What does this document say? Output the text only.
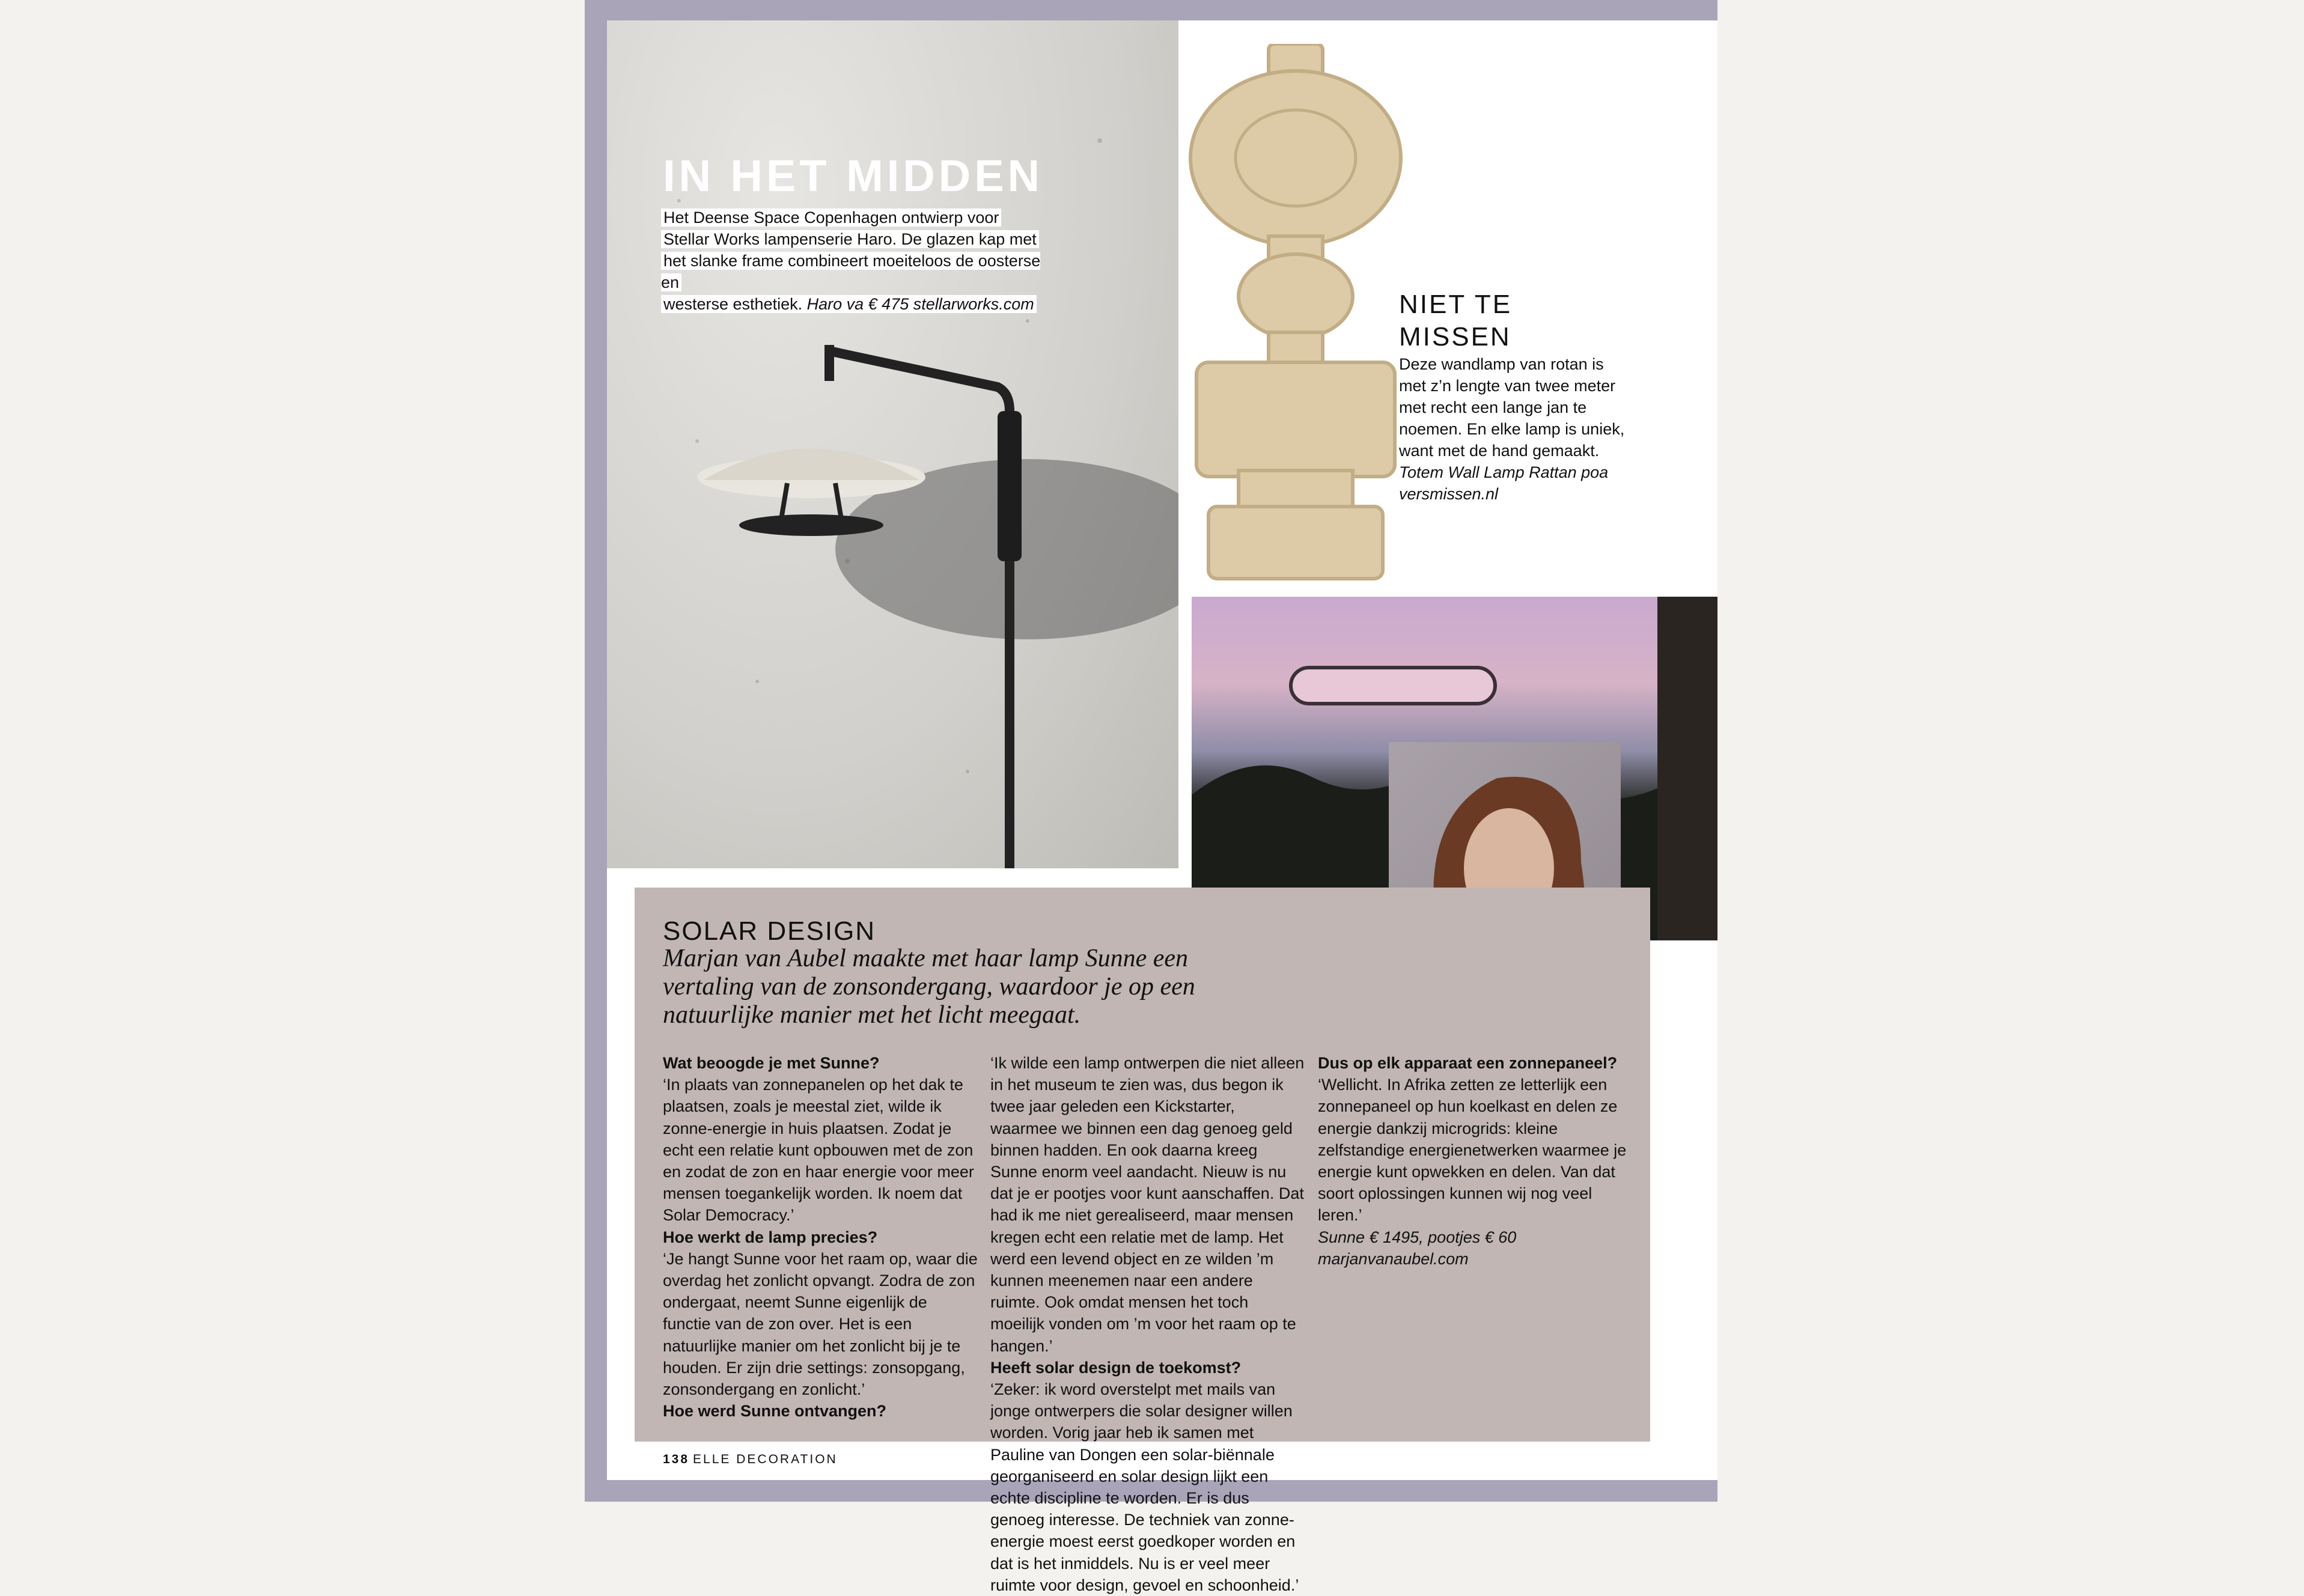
IN HET MIDDEN
Het Deense Space Copenhagen ontwierp voor
Stellar Works lampenserie Haro. De glazen kap met
het slanke frame combineert moeiteloos de oosterse en
westerse esthetiek. Haro va € 475 stellarworks.com	NIET TE MISSEN

Deze wandlamp van rotan is met z’n lengte van twee meter met recht een lange jan te noemen. En elke lamp is uniek, want met de hand gemaakt.

Totem Wall Lamp Rattan poa versmissen.nl

SOLAR DESIGN
Marjan van Aubel maakte met haar lamp Sunne een vertaling van de zonsondergang, waardoor je op een natuurlijke manier met het licht meegaat.
Wat beoogde je met Sunne?
‘In plaats van zonnepanelen op het dak te plaatsen, zoals je meestal ziet, wilde ik zonne-energie in huis plaatsen. Zodat je echt een relatie kunt opbouwen met de zon en zodat de zon en haar energie voor meer mensen toegankelijk worden. Ik noem dat Solar Democracy.’
Hoe werkt de lamp precies?
‘Je hangt Sunne voor het raam op, waar die overdag het zonlicht opvangt. Zodra de zon ondergaat, neemt Sunne eigenlijk de functie van de zon over. Het is een natuurlijke manier om het zonlicht bij je te houden. Er zijn drie settings: zonsopgang, zonsondergang en zonlicht.’
Hoe werd Sunne ontvangen?
‘Ik wilde een lamp ontwerpen die niet alleen in het museum te zien was, dus begon ik twee jaar geleden een Kickstarter, waarmee we binnen een dag genoeg geld binnen hadden. En ook daarna kreeg Sunne enorm veel aandacht. Nieuw is nu dat je er pootjes voor kunt aanschaffen. Dat had ik me niet gerealiseerd, maar mensen kregen echt een relatie met de lamp. Het werd een levend object en ze wilden ’m kunnen meenemen naar een andere ruimte. Ook omdat mensen het toch moeilijk vonden om ’m voor het raam op te hangen.’
Heeft solar design de toekomst?
‘Zeker: ik word overstelpt met mails van jonge ontwerpers die solar designer willen worden. Vorig jaar heb ik samen met Pauline van Dongen een solar-biënnale georganiseerd en solar design lijkt een echte discipline te worden. Er is dus genoeg interesse. De techniek van zonne-energie moest eerst goedkoper worden en dat is het inmiddels. Nu is er veel meer ruimte voor design, gevoel en schoonheid.’
Dus op elk apparaat een zonnepaneel? ‘Wellicht. In Afrika zetten ze letterlijk een zonnepaneel op hun koelkast en delen ze energie dankzij microgrids: kleine zelfstandige energienetwerken waarmee je energie kunt opwekken en delen. Van dat soort oplossingen kunnen wij nog veel leren.’
Sunne € 1495, pootjes € 60
marjanvanaubel.com
138 ELLE DECORATION
